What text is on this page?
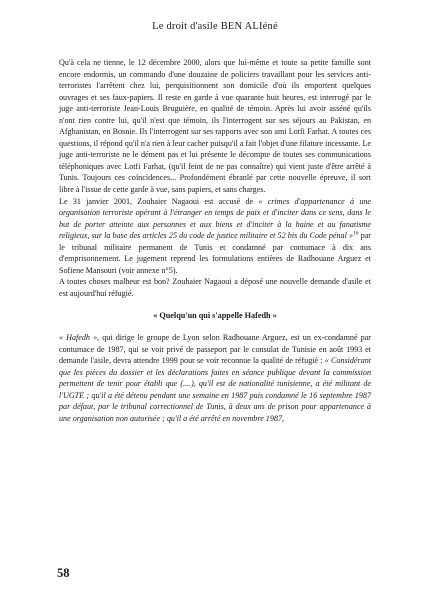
Le droit d'asile BEN ALIéné

Qu'à cela ne tienne, le 12 décembre 2000, alors que lui-même et toute sa petite famille sont encore endormis, un commando d'une douzaine de policiers travaillant pour les services anti-terroristes l'arrêtent chez lui, perquisitionnent son domicile d'où ils emportent quelques ouvrages et ses faux-papiers. Il reste en garde à vue quarante huit heures, est interrogé par le juge anti-terroriste Jean-Louis Bruguière, en qualité de témoin. Après lui avoir asséné qu'ils n'ont rien contre lui, qu'il n'est que témoin, ils l'interrogent sur ses séjours au Pakistan, en Afghanistan, en Bosnie. Ils l'interrogent sur ses rapports avec son ami Lotfi Farhat. A toutes ces questions, il répond qu'il n'a rien à leur cacher puisqu'il a fait l'objet d'une filature incessante. Le juge anti-terroriste ne le dément pas et lui présente le décompte de toutes ses communications téléphoniques avec Lotfi Farhat, (qu'il feint de ne pas connaître) qui vient juste d'être arrêté à Tunis. Toujours ces coïncidences... Profondément ébranlé par cette nouvelle épreuve, il sort libre à l'issue de cette garde à vue, sans papiers, et sans charges.

Le 31 janvier 2001, Zouhaier Nagaoui est accusé de « crimes d'appartenance à une organisation terroriste opérant à l'étranger en temps de paix et d'inciter dans ce sens, dans le but de porter atteinte aux personnes et aux biens et d'inciter à la haine et au fanatisme religieux, sur la base des articles 25 du code de justice militaire et 52 bis du Code pénal »$^{16}$ par le tribunal militaire permanent de Tunis et condamné par contumace à dix ans d'emprisonnement. Le jugement reprend les formulations entières de Radhouane Arguez et Sofiene Mansouri (voir annexe n°5).

A toutes choses malheur est bon? Zouhaier Nagaoui a déposé une nouvelle demande d'asile et est aujourd'hui réfugié.

« Quelqu'un qui s'appelle Hafedh »

« Hafedh », qui dirige le groupe de Lyon selon Radhouane Arguez, est un ex-condamné par contumace de 1987, qui se voit privé de passeport par le consulat de Tunisie en août 1993 et demande l'asile, devra attendre 1999 pour se voir reconnue la qualité de réfugié : « Considérant que les pièces du dossier et les déclarations faites en séance publique devant la commission permettent de tenir pour établi que (....), qu'il est de nationalité tunisienne, a été militant de l'UGTE ; qu'il a été détenu pendant une semaine en 1987 puis condamné le 16 septembre 1987 par défaut, par le tribunal correctionnel de Tunis, à deux ans de prison pour appartenance à une organisation non autorisée ; qu'il a été arrêté en novembre 1987,

58
